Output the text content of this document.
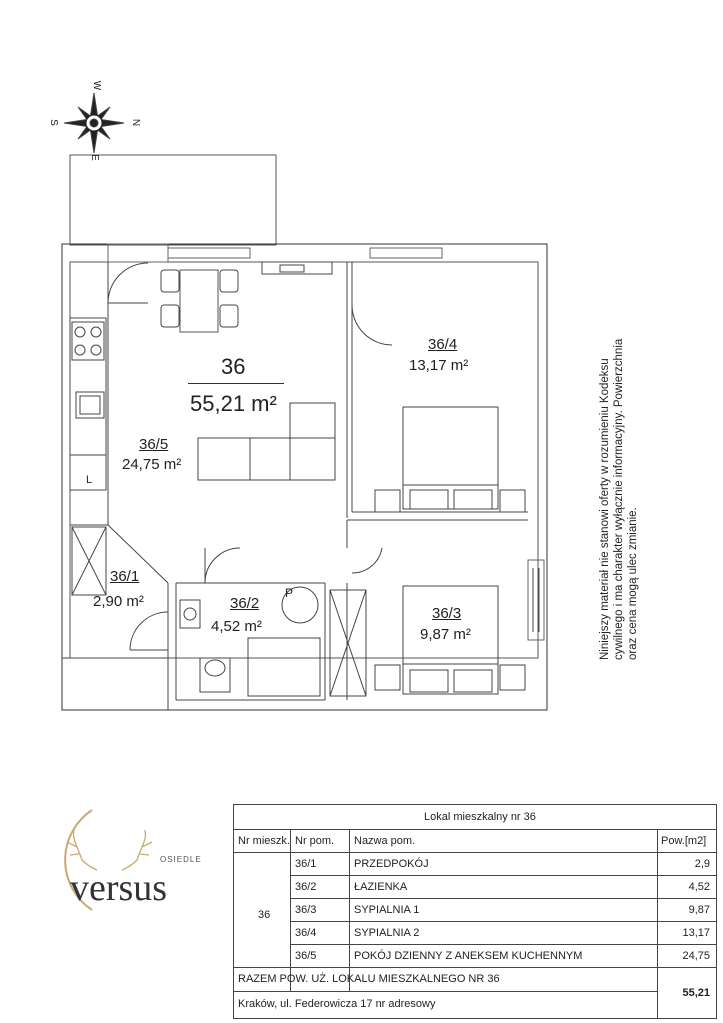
W
S	N
E
36
55,21 m²
36/5
24,75 m²
36/4
13,17 m²
36/1
2,90 m²	36/2
4,52 m²
36/3
9,87 m²
L
P	Niniejszy materiał nie stanowi oferty w rozumieniu Kodeksu cywilnego i ma charakter wyłącznie informacyjny. Powierzchnia oraz cena mogą ulec zmianie.
OSIEDLE
versus
Lokal mieszkalny nr 36
Nr mieszk. Nr pom. Nazwa pom.	Pow.[m2]
36
36/1	PRZEDPOKÓJ	2,9
36/2	ŁAZIENKA	4,52
36/3	SYPIALNIA 1	9,87
36/4	SYPIALNIA 2	13,17
36/5	POKÓJ DZIENNY Z ANEKSEM KUCHENNYM	24,75
RAZEM POW. UŻ. LOKALU MIESZKALNEGO NR 36
Kraków, ul. Federowicza 17 nr adresowy
55,21
